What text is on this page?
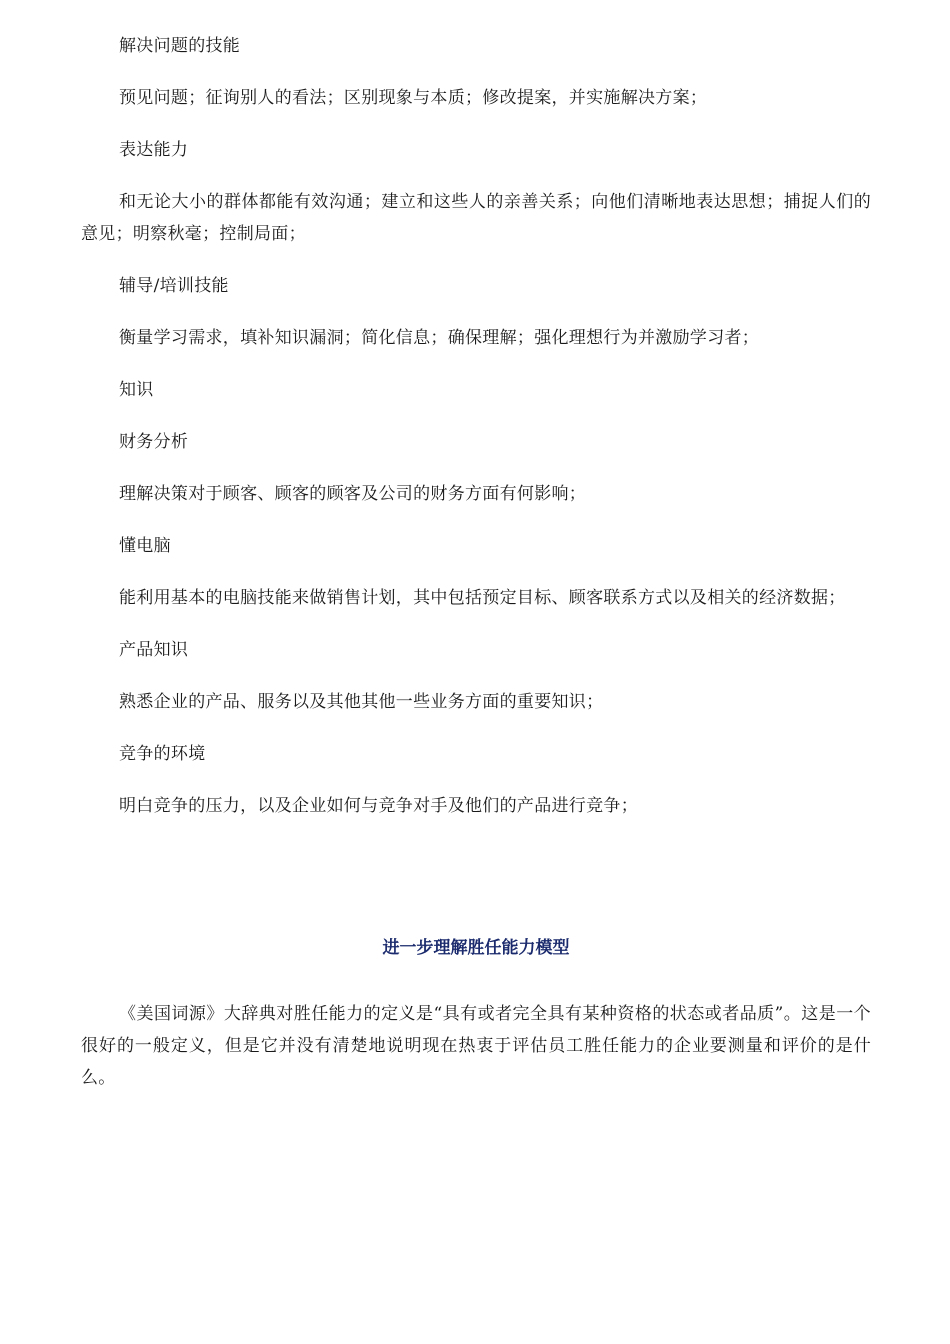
解决问题的技能

预见问题；征询别人的看法；区别现象与本质；修改提案，并实施解决方案；

表达能力

和无论大小的群体都能有效沟通；建立和这些人的亲善关系；向他们清晰地表达思想；捕捉人们的意见；明察秋毫；控制局面；

辅导/培训技能

衡量学习需求，填补知识漏洞；简化信息；确保理解；强化理想行为并激励学习者；

知识

财务分析

理解决策对于顾客、顾客的顾客及公司的财务方面有何影响；

懂电脑

能利用基本的电脑技能来做销售计划，其中包括预定目标、顾客联系方式以及相关的经济数据；

产品知识

熟悉企业的产品、服务以及其他其他一些业务方面的重要知识；

竞争的环境

明白竞争的压力，以及企业如何与竞争对手及他们的产品进行竞争；

进一步理解胜任能力模型

《美国词源》大辞典对胜任能力的定义是“具有或者完全具有某种资格的状态或者品质”。这是一个很好的一般定义，但是它并没有清楚地说明现在热衷于评估员工胜任能力的企业要测量和评价的是什么。
